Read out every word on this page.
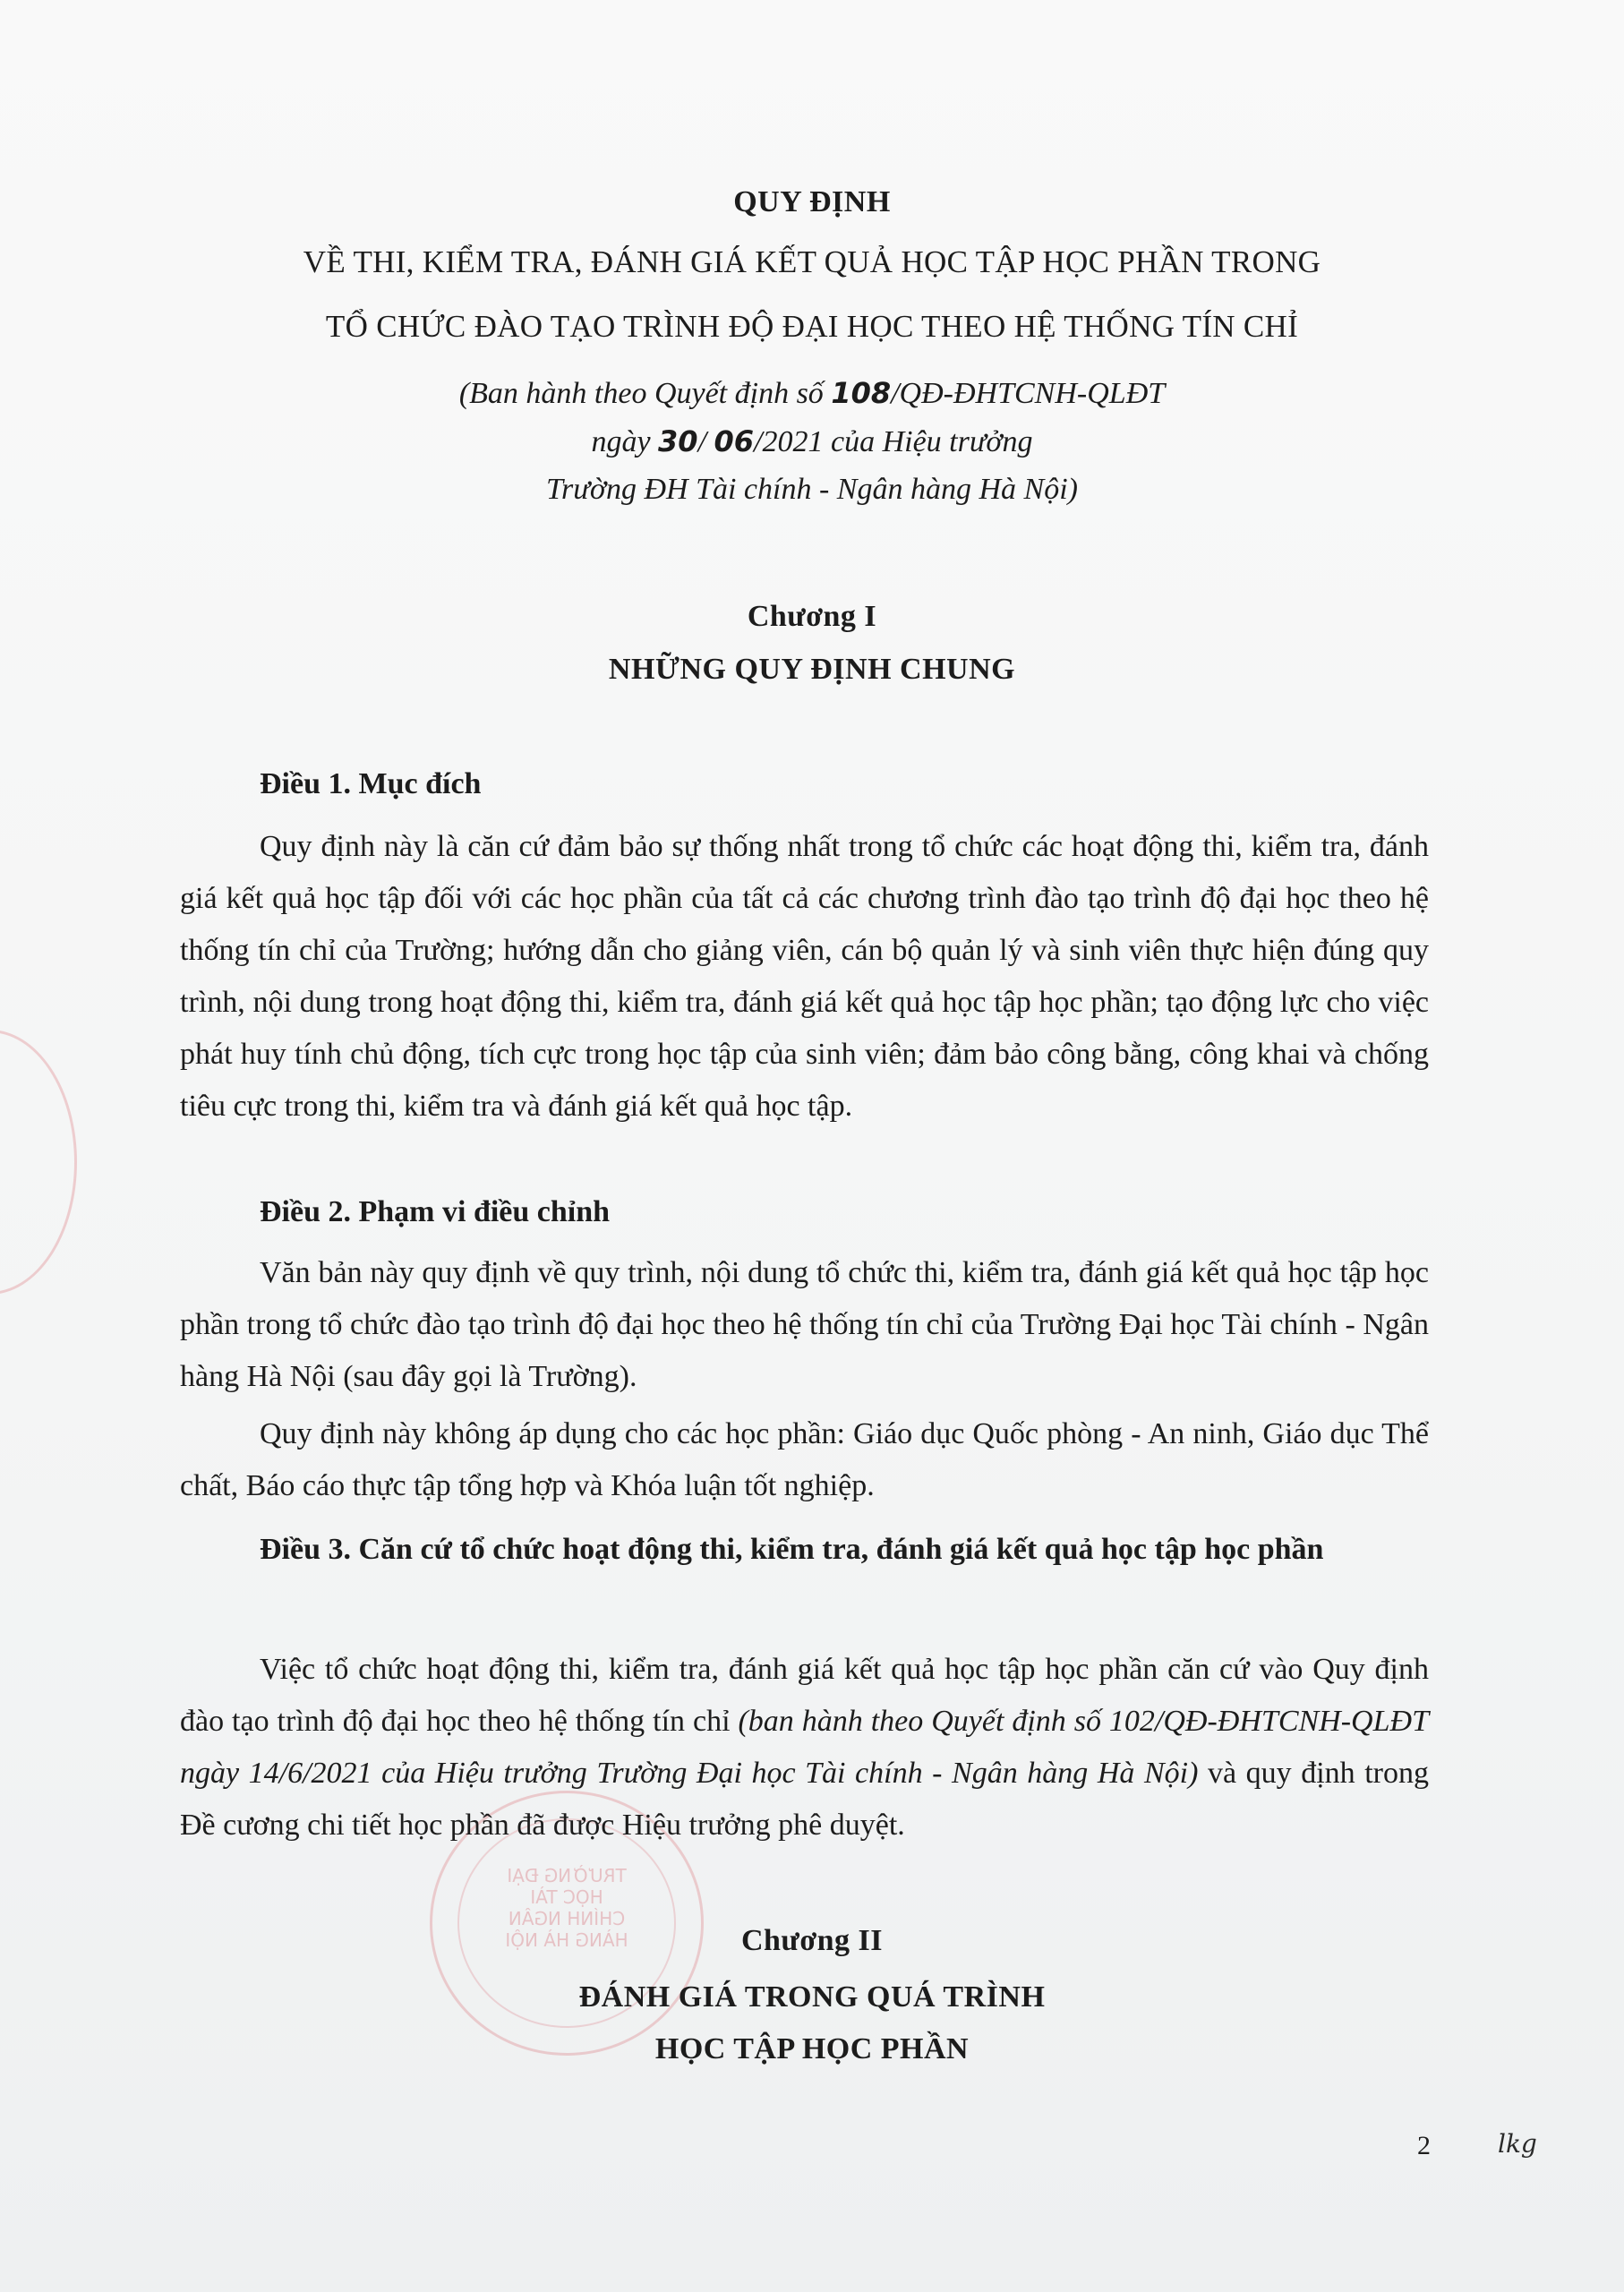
TRƯỜNG ĐẠI HỌC TÀI CHÍNH NGÂN HÀNG HÀ NỘI
QUY ĐỊNH
VỀ THI, KIỂM TRA, ĐÁNH GIÁ KẾT QUẢ HỌC TẬP HỌC PHẦN TRONG
TỔ CHỨC ĐÀO TẠO TRÌNH ĐỘ ĐẠI HỌC THEO HỆ THỐNG TÍN CHỈ
(Ban hành theo Quyết định số 108/QĐ-ĐHTCNH-QLĐT
ngày 30/ 06/2021 của Hiệu trưởng
Trường ĐH Tài chính - Ngân hàng Hà Nội)
Chương I
NHỮNG QUY ĐỊNH CHUNG
Điều 1. Mục đích

Quy định này là căn cứ đảm bảo sự thống nhất trong tổ chức các hoạt động thi, kiểm tra, đánh giá kết quả học tập đối với các học phần của tất cả các chương trình đào tạo trình độ đại học theo hệ thống tín chỉ của Trường; hướng dẫn cho giảng viên, cán bộ quản lý và sinh viên thực hiện đúng quy trình, nội dung trong hoạt động thi, kiểm tra, đánh giá kết quả học tập học phần; tạo động lực cho việc phát huy tính chủ động, tích cực trong học tập của sinh viên; đảm bảo công bằng, công khai và chống tiêu cực trong thi, kiểm tra và đánh giá kết quả học tập.

Điều 2. Phạm vi điều chỉnh

Văn bản này quy định về quy trình, nội dung tổ chức thi, kiểm tra, đánh giá kết quả học tập học phần trong tổ chức đào tạo trình độ đại học theo hệ thống tín chỉ của Trường Đại học Tài chính - Ngân hàng Hà Nội (sau đây gọi là Trường).

Quy định này không áp dụng cho các học phần: Giáo dục Quốc phòng - An ninh, Giáo dục Thể chất, Báo cáo thực tập tổng hợp và Khóa luận tốt nghiệp.

Điều 3. Căn cứ tổ chức hoạt động thi, kiểm tra, đánh giá kết quả học tập học phần

Việc tổ chức hoạt động thi, kiểm tra, đánh giá kết quả học tập học phần căn cứ vào Quy định đào tạo trình độ đại học theo hệ thống tín chỉ (ban hành theo Quyết định số 102/QĐ-ĐHTCNH-QLĐT ngày 14/6/2021 của Hiệu trưởng Trường Đại học Tài chính - Ngân hàng Hà Nội) và quy định trong Đề cương chi tiết học phần đã được Hiệu trưởng phê duyệt.

Chương II
ĐÁNH GIÁ TRONG QUÁ TRÌNH
HỌC TẬP HỌC PHẦN
2	lkg
